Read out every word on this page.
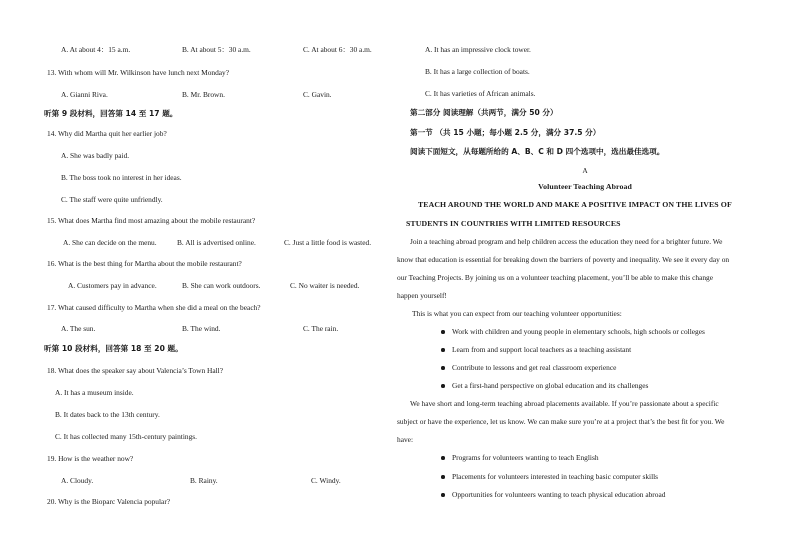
A. At about 4：15 a.m.	B. At about 5：30 a.m.	C. At about 6：30 a.m.
13. With whom will Mr. Wilkinson have lunch next Monday?
A. Gianni Riva.	B. Mr. Brown.	C. Gavin.
听第 9 段材料，回答第 14 至 17 题。
14. Why did Martha quit her earlier job?
A. She was badly paid.
B. The boss took no interest in her ideas.
C. The staff were quite unfriendly.
15. What does Martha find most amazing about the mobile restaurant?
A. She can decide on the menu.	B. All is advertised online.	C. Just a little food is wasted.
16. What is the best thing for Martha about the mobile restaurant?
A. Customers pay in advance.	B. She can work outdoors.	C. No waiter is needed.
17. What caused difficulty to Martha when she did a meal on the beach?
A. The sun.	B. The wind.	C. The rain.
听第 10 段材料，回答第 18 至 20 题。
18. What does the speaker say about Valencia’s Town Hall?
A. It has a museum inside.
B. It dates back to the 13th century.
C. It has collected many 15th-century paintings.
19. How is the weather now?
A. Cloudy.	B. Rainy.	C. Windy.
20. Why is the Bioparc Valencia popular?
A. It has an impressive clock tower.
B. It has a large collection of boats.
C. It has varieties of African animals.
第二部分 阅读理解（共两节，满分 50 分）
第一节 （共 15 小题；每小题 2.5 分，满分 37.5 分）
阅读下面短文，从每题所给的 A、B、C 和 D 四个选项中，选出最佳选项。
A
Volunteer Teaching Abroad
TEACH AROUND THE WORLD AND MAKE A POSITIVE IMPACT ON THE LIVES OF
STUDENTS IN COUNTRIES WITH LIMITED RESOURCES
Join a teaching abroad program and help children access the education they need for a brighter future. We
know that education is essential for breaking down the barriers of poverty and inequality. We see it every day on
our Teaching Projects. By joining us on a volunteer teaching placement, you’ll be able to make this change
happen yourself!
This is what you can expect from our teaching volunteer opportunities:
Work with children and young people in elementary schools, high schools or colleges
Learn from and support local teachers as a teaching assistant
Contribute to lessons and get real classroom experience
Get a first-hand perspective on global education and its challenges
We have short and long-term teaching abroad placements available. If you’re passionate about a specific
subject or have the experience, let us know. We can make sure you’re at a project that’s the best fit for you. We
have:
Programs for volunteers wanting to teach English
Placements for volunteers interested in teaching basic computer skills
Opportunities for volunteers wanting to teach physical education abroad
